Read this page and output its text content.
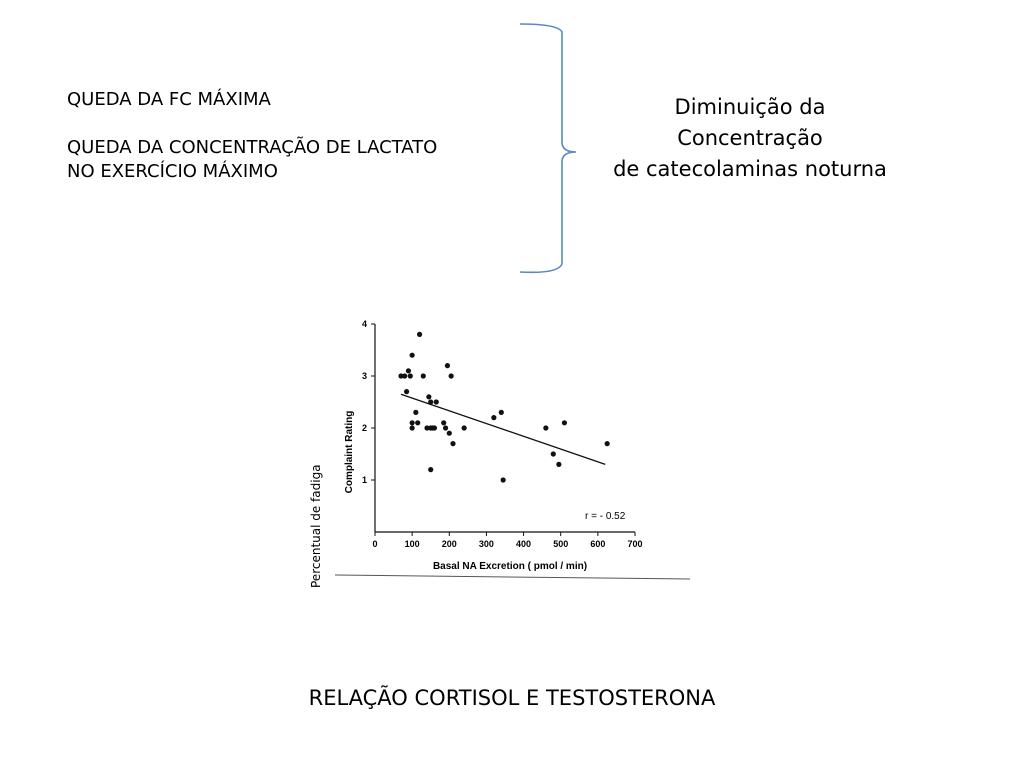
QUEDA DA FC MÁXIMA

QUEDA DA CONCENTRAÇÃO DE LACTATO

NO EXERCÍCIO MÁXIMO

Diminuição da
Concentração
de catecolaminas noturna
0	100 200 300 400 500 600 700
1
2
3
4
Basal NA Excretion ( pmol / min)
Complaint Rating
r = - 0.52
Percentual de fadiga
RELAÇÃO CORTISOL E TESTOSTERONA
